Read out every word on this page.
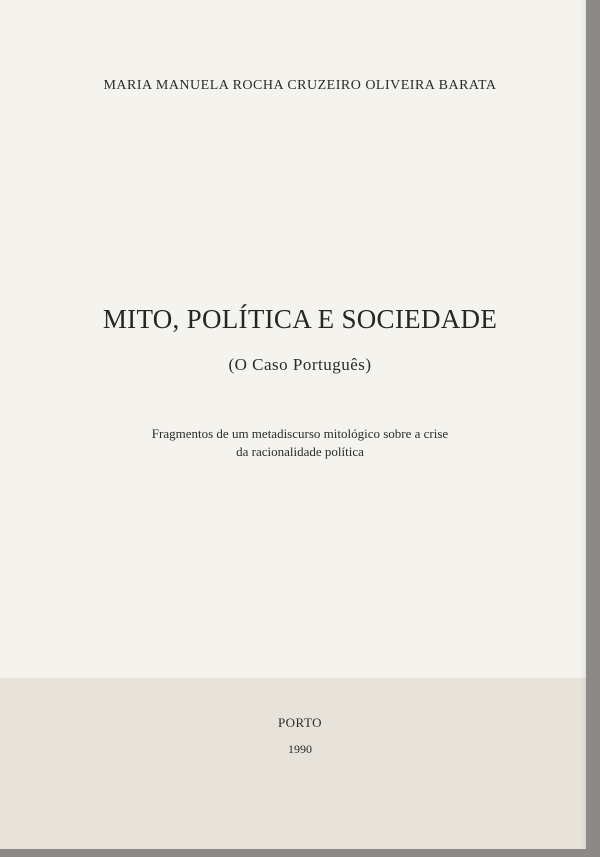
MARIA MANUELA ROCHA CRUZEIRO OLIVEIRA BARATA

MITO, POLÍTICA E SOCIEDADE

(O Caso Português)

Fragmentos de um metadiscurso mitológico sobre a crise
da racionalidade política

PORTO

1990
